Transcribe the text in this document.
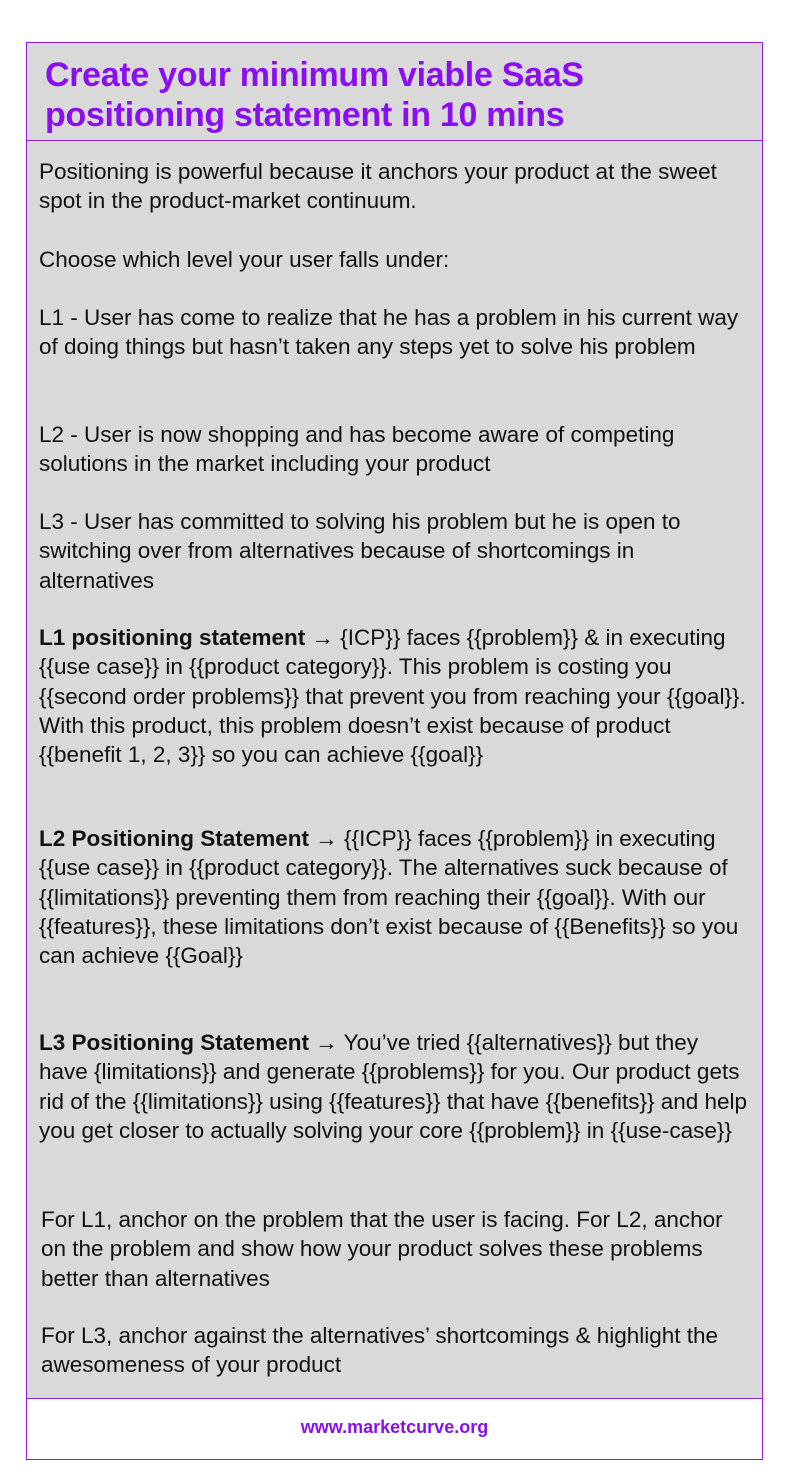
Create your minimum viable SaaS positioning statement in 10 mins

Positioning is powerful because it anchors your product at the sweet spot in the product-market continuum.

Choose which level your user falls under:

L1 - User has come to realize that he has a problem in his current way of doing things but hasn’t taken any steps yet to solve his problem

L2 - User is now shopping and has become aware of competing solutions in the market including your product

L3 - User has committed to solving his problem but he is open to switching over from alternatives because of shortcomings in alternatives

L1 positioning statement → {ICP}} faces {{problem}} & in executing {{use case}} in {{product category}}. This problem is costing you {{second order problems}} that prevent you from reaching your {{goal}}. With this product, this problem doesn’t exist because of product {{benefit 1, 2, 3}} so you can achieve {{goal}}

L2 Positioning Statement → {{ICP}} faces {{problem}} in executing {{use case}} in {{product category}}. The alternatives suck because of {{limitations}} preventing them from reaching their {{goal}}. With our {{features}}, these limitations don’t exist because of {{Benefits}} so you can achieve {{Goal}}

L3 Positioning Statement → You’ve tried {{alternatives}} but they have {limitations}} and generate {{problems}} for you. Our product gets rid of the {{limitations}} using {{features}} that have {{benefits}} and help you get closer to actually solving your core {{problem}} in {{use-case}}

For L1, anchor on the problem that the user is facing. For L2, anchor on the problem and show how your product solves these problems better than alternatives

For L3, anchor against the alternatives’ shortcomings & highlight the awesomeness of your product

www.marketcurve.org
